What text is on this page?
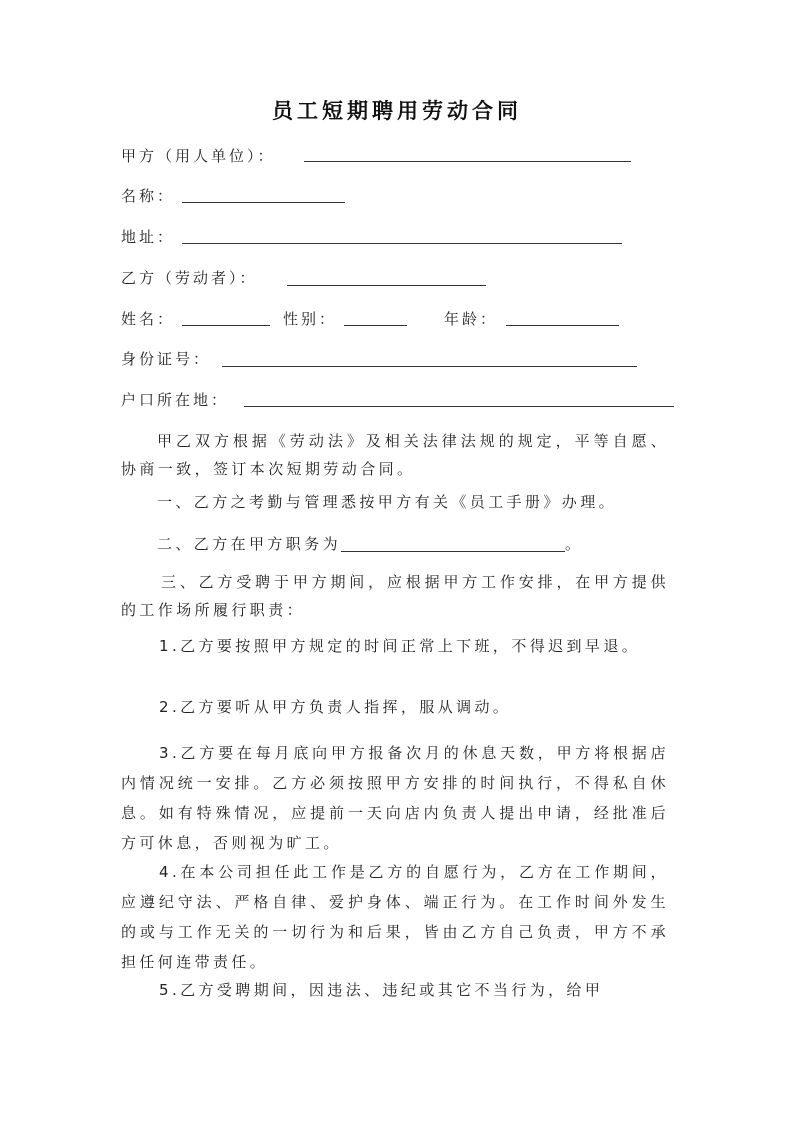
员工短期聘用劳动合同
甲方（用人单位）：
名称：
地址：
乙方（劳动者）：
姓名：	性别：	年龄：
身份证号：
户口所在地：
甲乙双方根据《劳动法》及相关法律法规的规定，平等自愿、协商一致，签订本次短期劳动合同。
一、乙方之考勤与管理悉按甲方有关《员工手册》办理。
二、乙方在甲方职务为	。
三、乙方受聘于甲方期间，应根据甲方工作安排，在甲方提供的工作场所履行职责：
1.乙方要按照甲方规定的时间正常上下班，不得迟到早退。
2.乙方要听从甲方负责人指挥，服从调动。
3.乙方要在每月底向甲方报备次月的休息天数，甲方将根据店内情况统一安排。乙方必须按照甲方安排的时间执行，不得私自休息。如有特殊情况，应提前一天向店内负责人提出申请，经批准后方可休息，否则视为旷工。
4.在本公司担任此工作是乙方的自愿行为，乙方在工作期间，应遵纪守法、严格自律、爱护身体、端正行为。在工作时间外发生的或与工作无关的一切行为和后果，皆由乙方自己负责，甲方不承担任何连带责任。
5.乙方受聘期间，因违法、违纪或其它不当行为，给甲
